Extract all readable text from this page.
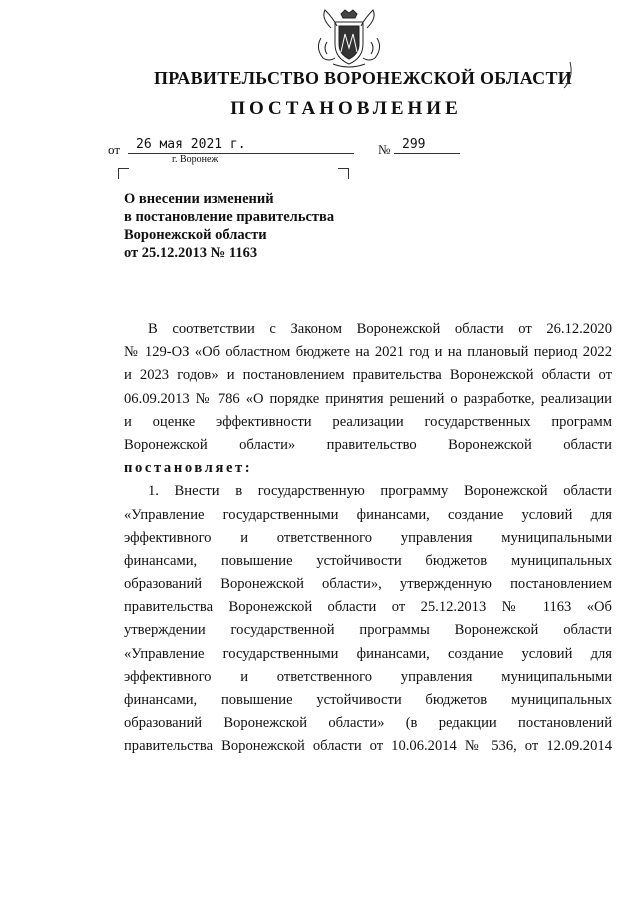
ПРАВИТЕЛЬСТВО ВОРОНЕЖСКОЙ ОБЛАСТИ
ПОСТАНОВЛЕНИЕ
от	26 мая 2021 г.	№ 299
г. Воронеж
О внесении изменений
в постановление правительства
Воронежской области
от 25.12.2013 № 1163
В соответствии с Законом Воронежской области от 26.12.2020
№ 129-ОЗ «Об областном бюджете на 2021 год и на плановый период 2022
и 2023 годов» и постановлением правительства Воронежской области от
06.09.2013 № 786 «О порядке принятия решений о разработке, реализации
и оценке эффективности реализации государственных программ
Воронежской области» правительство Воронежской области
постановляет:
1. Внести в государственную программу Воронежской области
«Управление государственными финансами, создание условий для
эффективного и ответственного управления муниципальными
финансами, повышение устойчивости бюджетов муниципальных
образований Воронежской области», утвержденную постановлением
правительства Воронежской области от 25.12.2013 № 1163 «Об
утверждении государственной программы Воронежской области
«Управление государственными финансами, создание условий для
эффективного и ответственного управления муниципальными
финансами, повышение устойчивости бюджетов муниципальных
образований Воронежской области» (в редакции постановлений
правительства Воронежской области от 10.06.2014 № 536, от 12.09.2014
